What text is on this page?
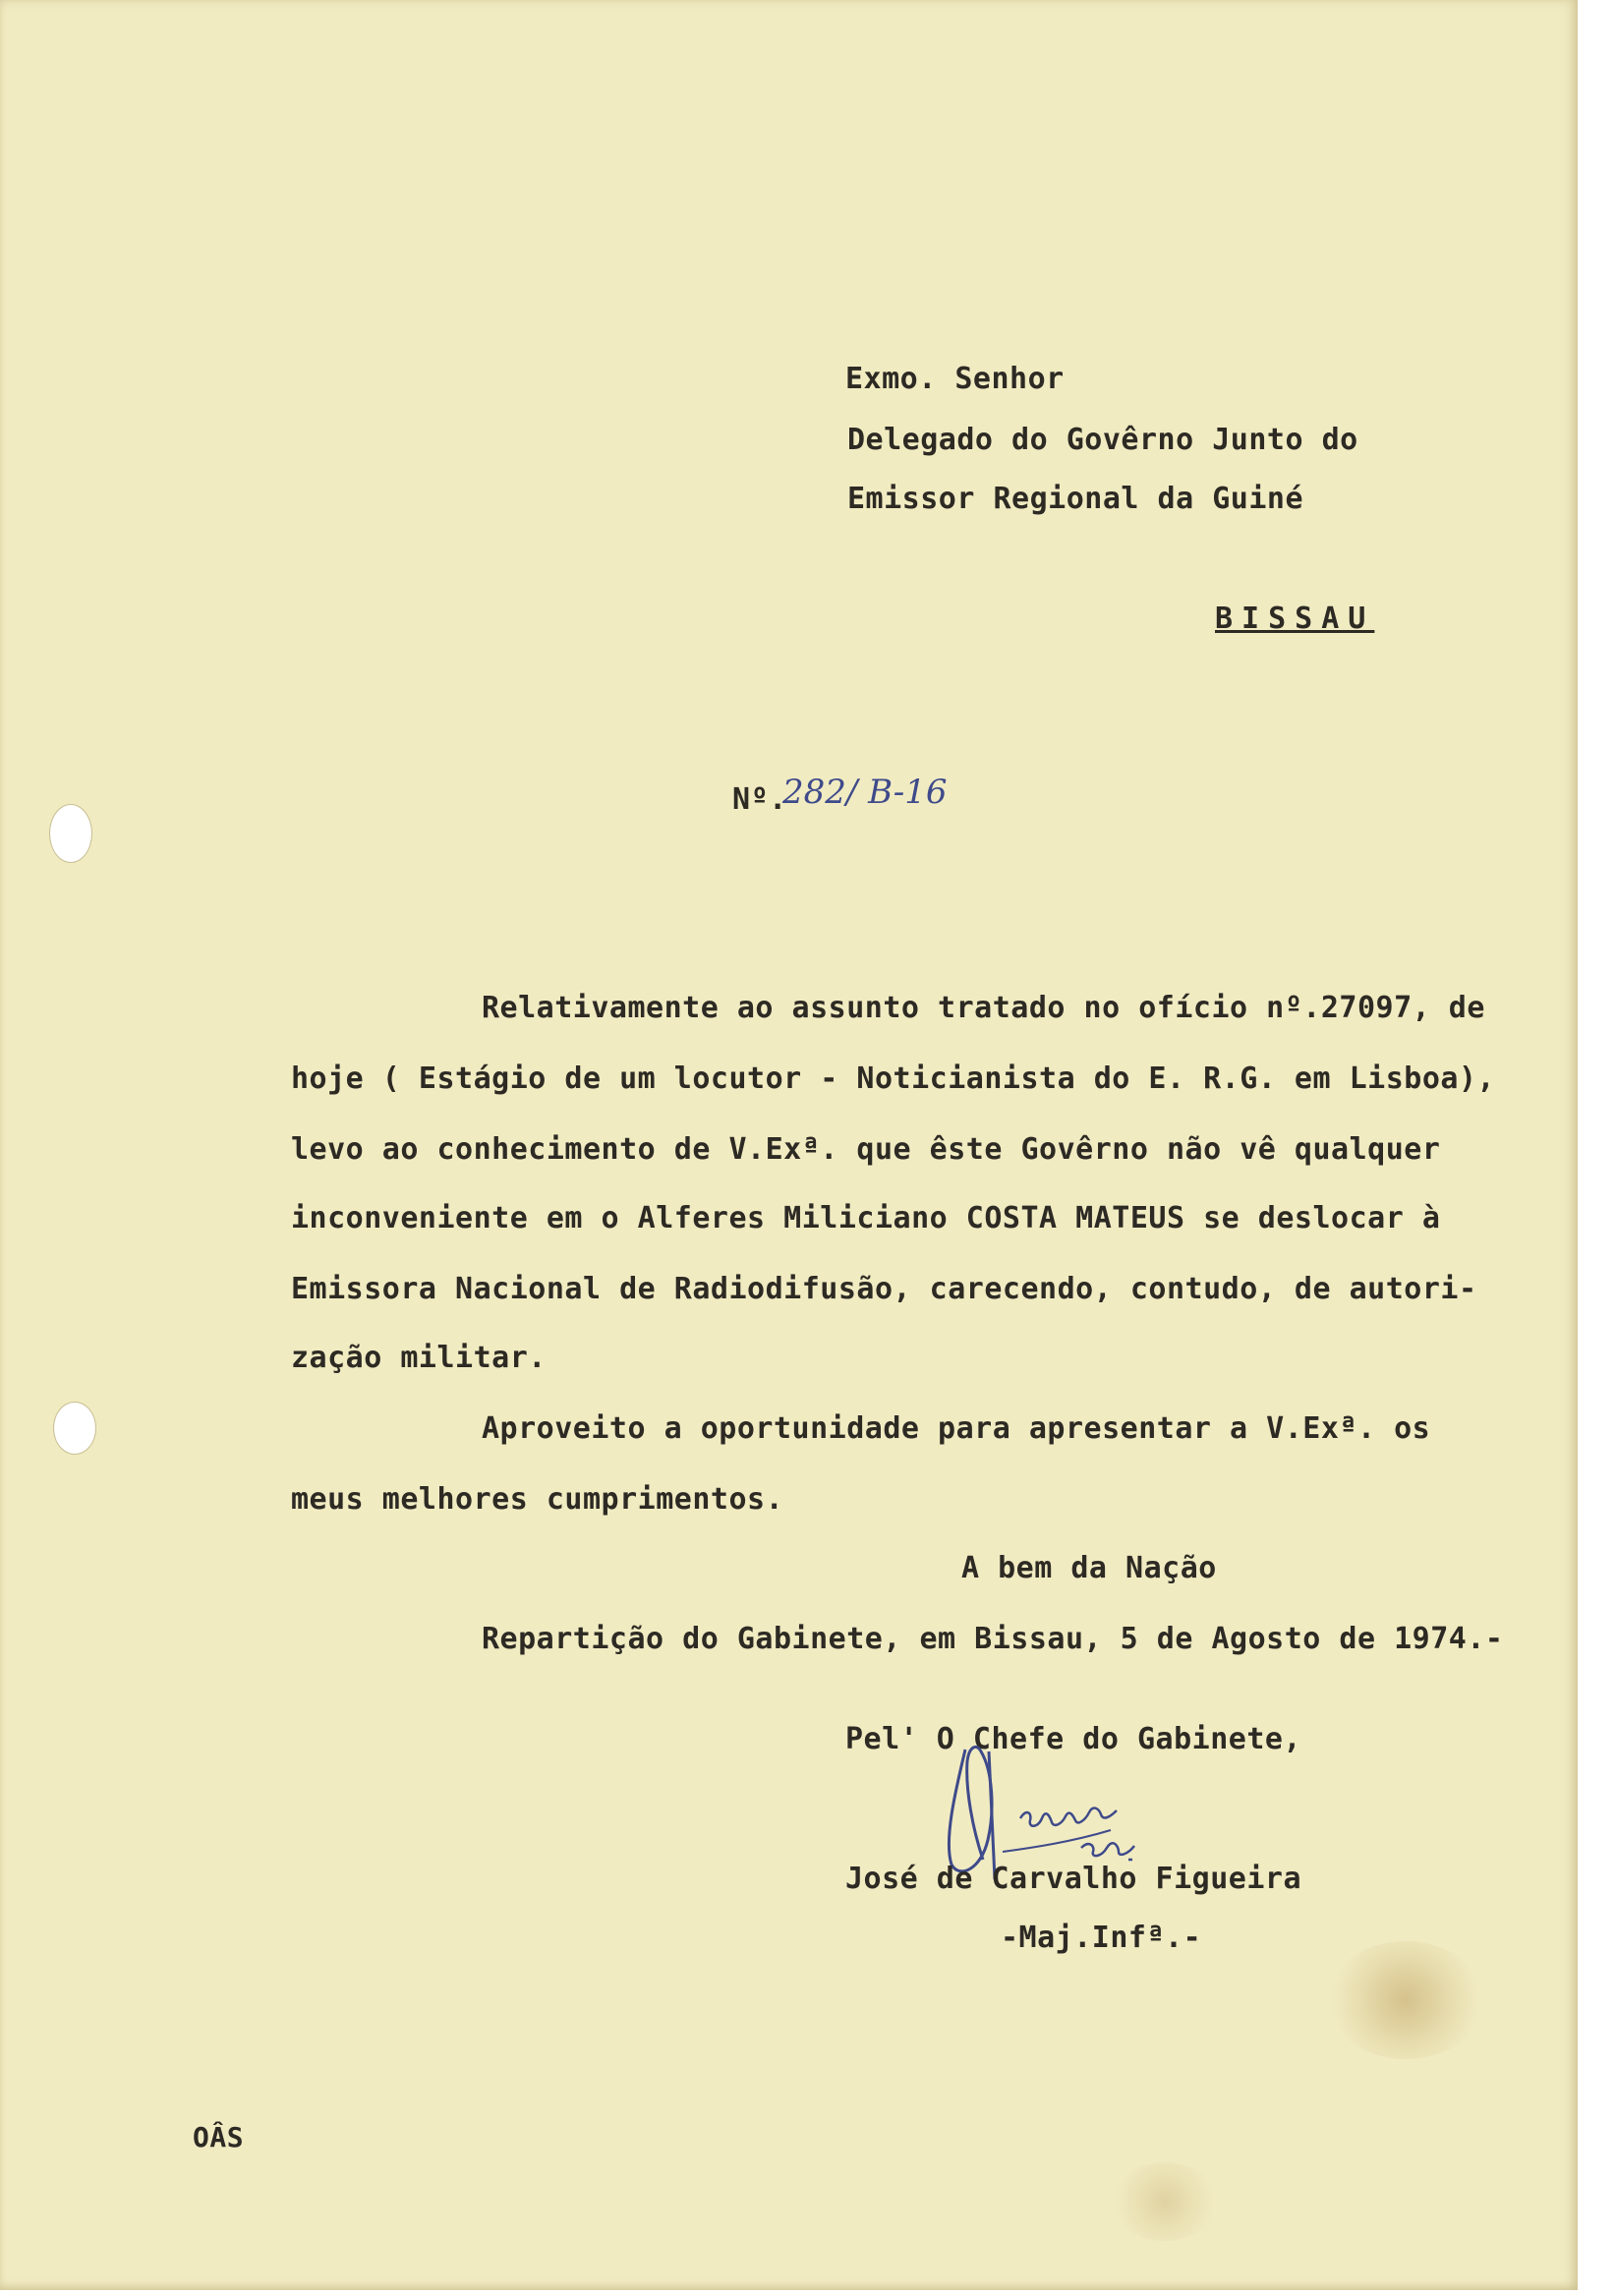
Exmo. Senhor
Delegado do Govêrno Junto do
Emissor Regional da Guiné
BISSAU
Nº.
282/ B-16
Relativamente ao assunto tratado no ofício nº.27097, de
hoje ( Estágio de um locutor - Noticianista do E. R.G. em Lisboa),
levo ao conhecimento de V.Exª. que êste Govêrno não vê qualquer
inconveniente em o Alferes Miliciano COSTA MATEUS se deslocar à
Emissora Nacional de Radiodifusão, carecendo, contudo, de autori-
zação militar.
Aproveito a oportunidade para apresentar a V.Exª. os
meus melhores cumprimentos.
A bem da Nação
Repartição do Gabinete, em Bissau, 5 de Agosto de 1974.-
Pel' O Chefe do Gabinete,
José de Carvalho Figueira
-Maj.Infª.-
OÂS
